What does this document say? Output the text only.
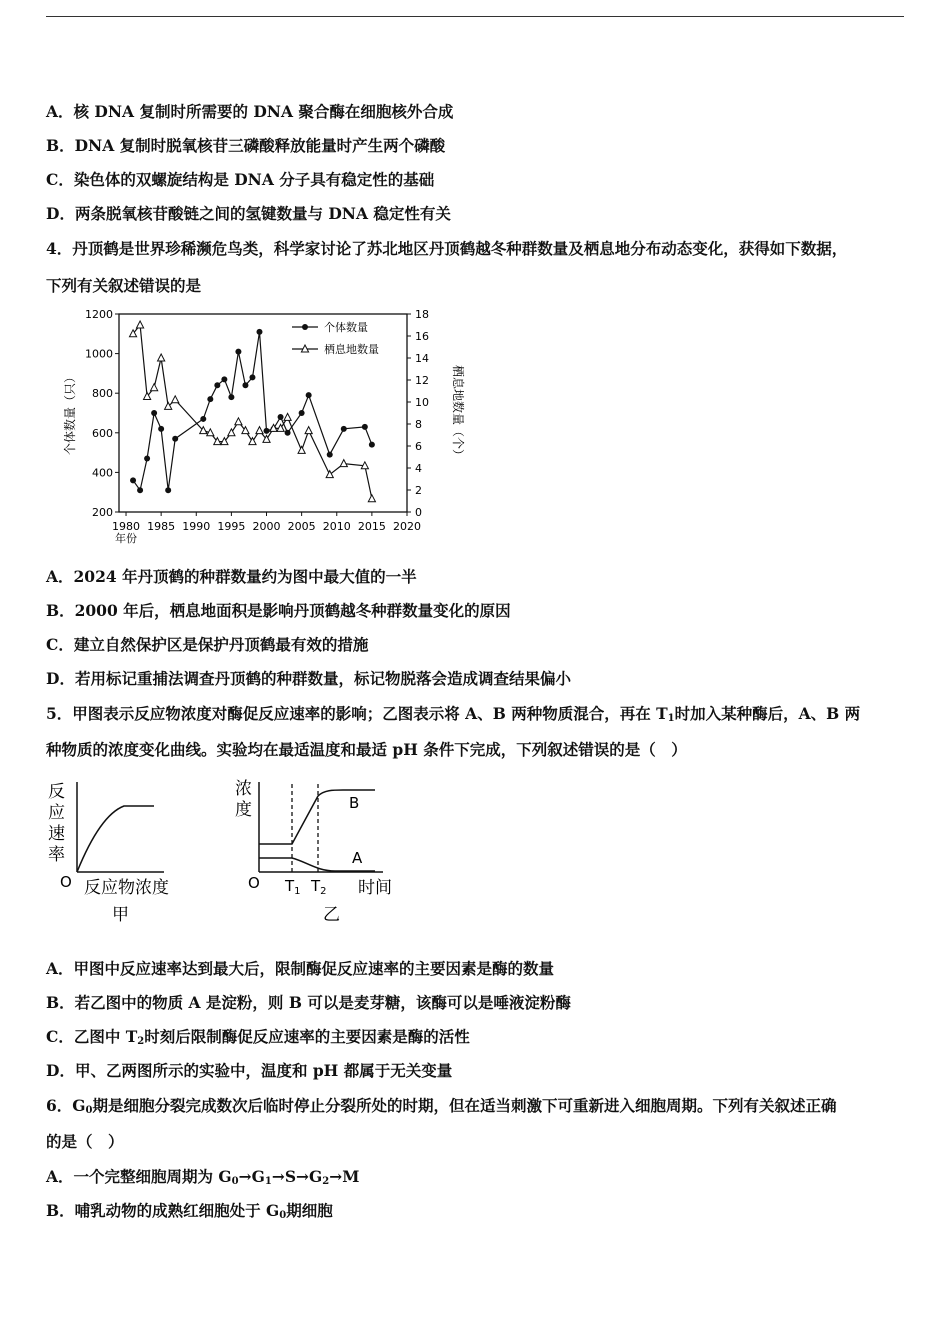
A．核 DNA 复制时所需要的 DNA 聚合酶在细胞核外合成
B．DNA 复制时脱氧核苷三磷酸释放能量时产生两个磷酸
C．染色体的双螺旋结构是 DNA 分子具有稳定性的基础
D．两条脱氧核苷酸链之间的氢键数量与 DNA 稳定性有关
4．丹顶鹤是世界珍稀濒危鸟类，科学家讨论了苏北地区丹顶鹤越冬种群数量及栖息地分布动态变化，获得如下数据，
下列有关叙述错误的是
1980 1985 1990 1995 2000 2005 2010 2015 2020
200
400
600
800
1000
1200
0
2
4
6
8
10
12
14
16
18
年份
个体数量（只）	栖息地数量（个）
个体数量
栖息地数量
A．2024 年丹顶鹤的种群数量约为图中最大值的一半
B．2000 年后，栖息地面积是影响丹顶鹤越冬种群数量变化的原因
C．建立自然保护区是保护丹顶鹤最有效的措施
D．若用标记重捕法调查丹顶鹤的种群数量，标记物脱落会造成调查结果偏小
5．甲图表示反应物浓度对酶促反应速率的影响；乙图表示将 A、B 两种物质混合，再在 $T_1$时加入某种酶后，A、B 两
种物质的浓度变化曲线。实验均在最适温度和最适 pH 条件下完成，下列叙述错误的是（　）
反
应
速
率
O 反应物浓度
甲
浓
度	B
A
O $T_1$ $T_2$ 时间
乙
A．甲图中反应速率达到最大后，限制酶促反应速率的主要因素是酶的数量
B．若乙图中的物质 A 是淀粉，则 B 可以是麦芽糖，该酶可以是唾液淀粉酶
C．乙图中 $T_2$时刻后限制酶促反应速率的主要因素是酶的活性
D．甲、乙两图所示的实验中，温度和 pH 都属于无关变量
6．$G_0$期是细胞分裂完成数次后临时停止分裂所处的时期，但在适当刺激下可重新进入细胞周期。下列有关叙述正确
的是（　）
A．一个完整细胞周期为 $G_0\to G_1\to S\to G_2\to M$
B．哺乳动物的成熟红细胞处于 $G_0$期细胞
